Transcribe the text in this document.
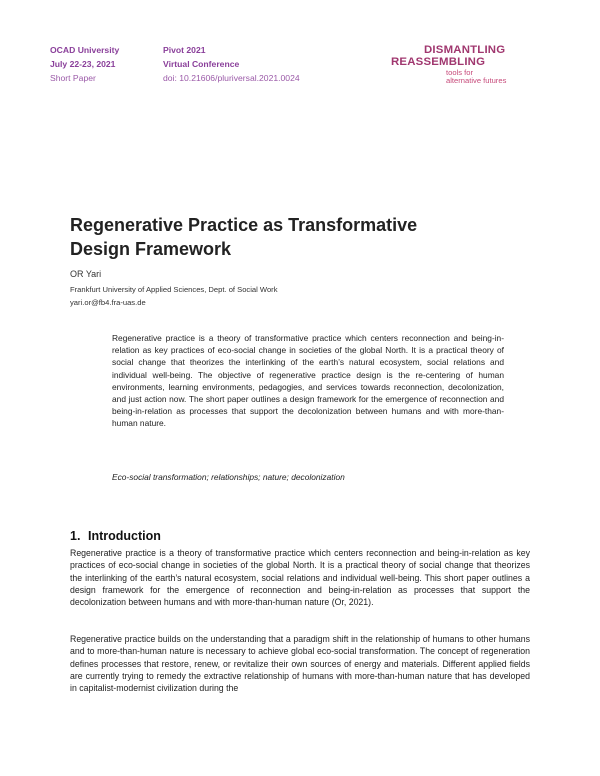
OCAD University
July 22-23, 2021
Short Paper
Pivot 2021
Virtual Conference
doi: 10.21606/pluriversal.2021.0024
DISMANTLING
REASSEMBLING
tools for
alternative futures
Regenerative Practice as Transformative
Design Framework
OR Yari
Frankfurt University of Applied Sciences, Dept. of Social Work
yari.or@fb4.fra-uas.de

Regenerative practice is a theory of transformative practice which centers reconnection and being-in-relation as key practices of eco-social change in societies of the global North. It is a practical theory of social change that theorizes the interlinking of the earth’s natural ecosystem, social relations and individual well-being. The objective of regenerative practice design is the re-centering of human environments, learning environments, pedagogies, and services towards reconnection, decolonization, and just action now. The short paper outlines a design framework for the emergence of reconnection and being-in-relation as processes that support the decolonization between humans and with more-than-human nature.

Eco-social transformation; relationships; nature; decolonization
1. Introduction

Regenerative practice is a theory of transformative practice which centers reconnection and being-in-relation as key practices of eco-social change in societies of the global North. It is a practical theory of social change that theorizes the interlinking of the earth’s natural ecosystem, social relations and individual well-being. This short paper outlines a design framework for the emergence of reconnection and being-in-relation as processes that support the decolonization between humans and with more-than-human nature (Or, 2021).

Regenerative practice builds on the understanding that a paradigm shift in the relationship of humans to other humans and to more-than-human nature is necessary to achieve global eco-social transformation. The concept of regeneration defines processes that restore, renew, or revitalize their own sources of energy and materials. Different applied fields are currently trying to remedy the extractive relationship of humans with more-than-human nature that has developed in capitalist-modernist civilization during the
